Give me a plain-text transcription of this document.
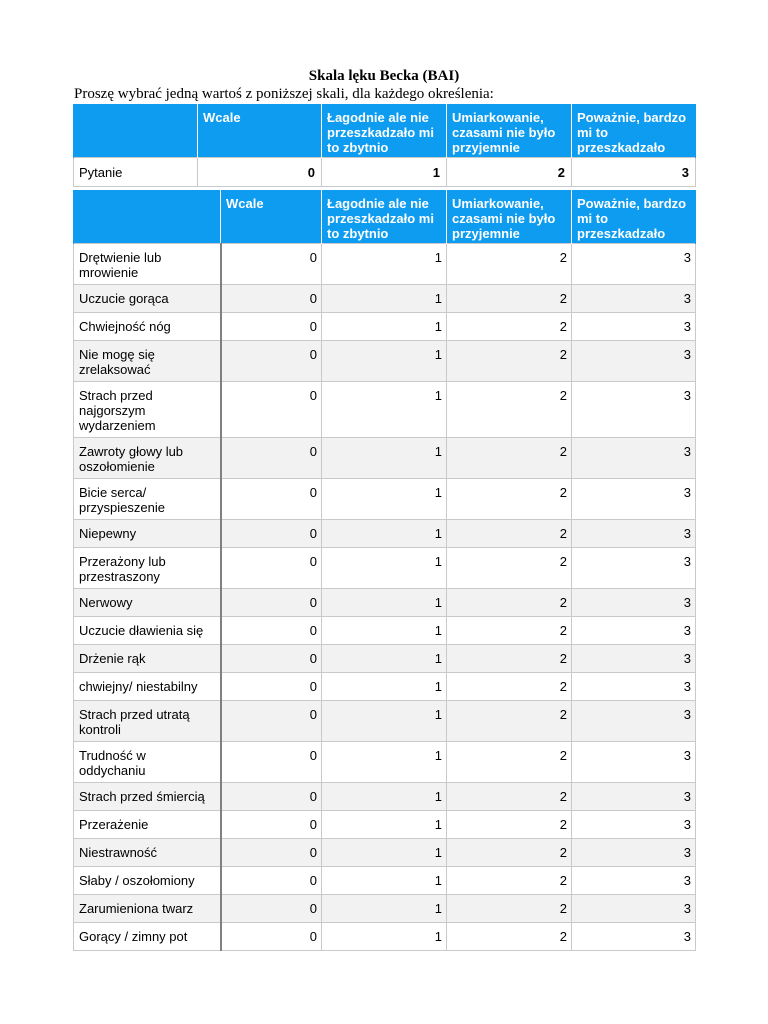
Skala lęku Becka (BAI)
Proszę wybrać jedną wartoś z poniższej skali, dla każdego określenia:
	Wcale	Łagodnie ale nie przeszkadzało mi to zbytnio	Umiarkowanie, czasami nie było przyjemnie	Poważnie, bardzo mi to przeszkadzało
Pytanie	0	1	2	3
	Wcale	Łagodnie ale nie przeszkadzało mi to zbytnio	Umiarkowanie, czasami nie było przyjemnie	Poważnie, bardzo mi to przeszkadzało
Drętwienie lub mrowienie	0	1	2	3
Uczucie gorąca	0	1	2	3
Chwiejność nóg	0	1	2	3
Nie mogę się zrelaksować	0	1	2	3
Strach przed najgorszym wydarzeniem	0	1	2	3
Zawroty głowy lub oszołomienie	0	1	2	3
Bicie serca/ przyspieszenie	0	1	2	3
Niepewny	0	1	2	3
Przerażony lub przestraszony	0	1	2	3
Nerwowy	0	1	2	3
Uczucie dławienia się	0	1	2	3
Drżenie rąk	0	1	2	3
chwiejny/ niestabilny	0	1	2	3
Strach przed utratą kontroli	0	1	2	3
Trudność w oddychaniu	0	1	2	3
Strach przed śmiercią	0	1	2	3
Przerażenie	0	1	2	3
Niestrawność	0	1	2	3
Słaby / oszołomiony	0	1	2	3
Zarumieniona twarz	0	1	2	3
Gorący / zimny pot	0	1	2	3
